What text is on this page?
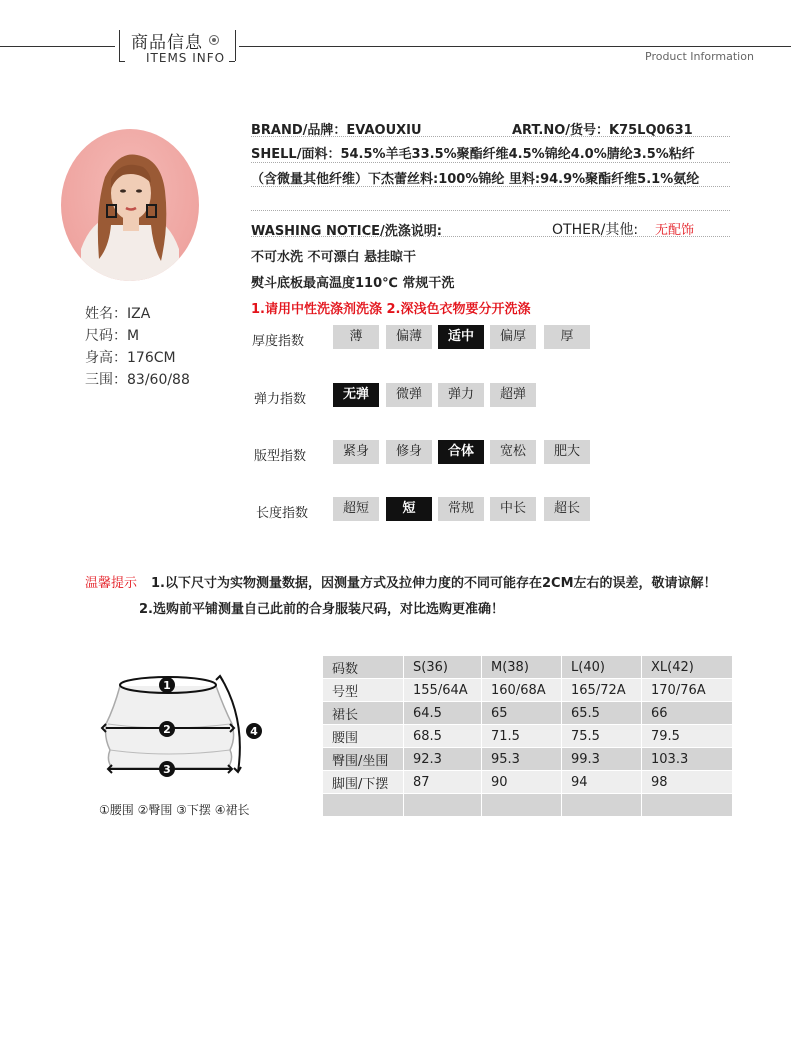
商品信息
ITEMS INFO	Product Information
姓名：IZA
尺码：M
身高：176CM
三围：83/60/88
BRAND/品牌：EVAOUXIU	ART.NO/货号：K75LQ0631
SHELL/面料：54.5%羊毛33.5%聚酯纤维4.5%锦纶4.0%腈纶3.5%粘纤
（含微量其他纤维）下杰蕾丝料:100%锦纶 里料:94.9%聚酯纤维5.1%氨纶
WASHING NOTICE/洗涤说明:	OTHER/其他: 无配饰
不可水洗 不可漂白 悬挂晾干
熨斗底板最高温度110℃ 常规干洗
1.请用中性洗涤剂洗涤 2.深浅色衣物要分开洗涤
厚度指数	薄	偏薄	适中	偏厚	厚
弹力指数	无弹	微弹	弹力	超弹
版型指数	紧身	修身	合体	宽松	肥大
长度指数	超短	短	常规	中长	超长
温馨提示 1.以下尺寸为实物测量数据，因测量方式及拉伸力度的不同可能存在2CM左右的误差，敬请谅解！
2.选购前平铺测量自己此前的合身服装尺码，对比选购更准确！
1
2
3
4
①腰围 ②臀围 ③下摆 ④裙长
码数	S(36)	M(38)	L(40)	XL(42)
号型	155/64A	160/68A	165/72A	170/76A
裙长	64.5	65	65.5	66
腰围	68.5	71.5	75.5	79.5
臀围/坐围	92.3	95.3	99.3	103.3
脚围/下摆	87	90	94	98
